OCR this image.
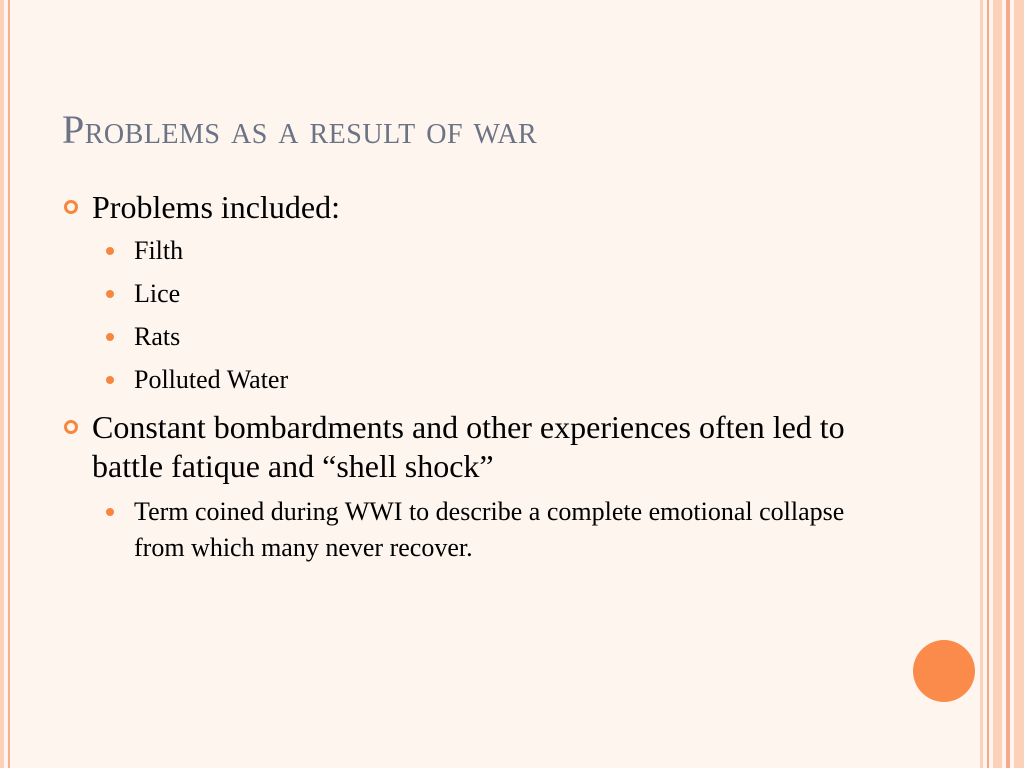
Problems as a result of war
Problems included:
Filth
Lice
Rats
Polluted Water
Constant bombardments and other experiences often led to battle fatique and “shell shock”
Term coined during WWI to describe a complete emotional collapse from which many never recover.
